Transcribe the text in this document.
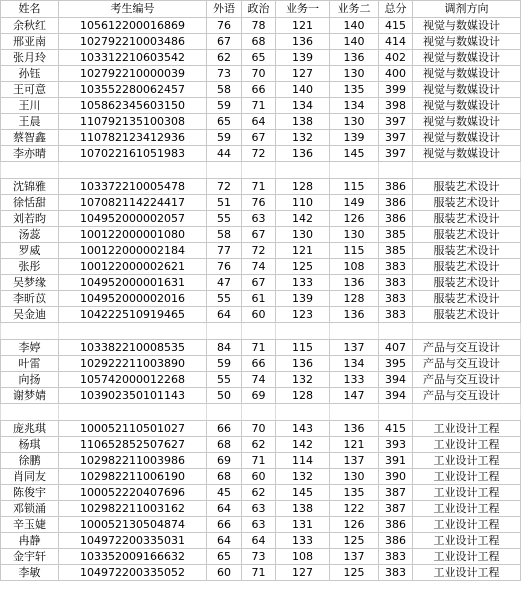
姓名	考生编号	外语	政治	业务一	业务二	总分	调剂方向
余秋红	105612200016869	76	78	121	140	415	视觉与数媒设计
邢亚南	102792210003486	67	68	136	140	414	视觉与数媒设计
张月玲	103312210603542	62	65	139	136	402	视觉与数媒设计
孙钰	102792210000039	73	70	127	130	400	视觉与数媒设计
王可意	103552280062457	58	66	140	135	399	视觉与数媒设计
王川	105862345603150	59	71	134	134	398	视觉与数媒设计
王晨	110792135100308	65	64	138	130	397	视觉与数媒设计
蔡智鑫	110782123412936	59	67	132	139	397	视觉与数媒设计
李亦晴	107022161051983	44	72	136	145	397	视觉与数媒设计

沈锦雅	103372210005478	72	71	128	115	386	服装艺术设计
徐恬甜	107082114224417	51	76	110	149	386	服装艺术设计
刘若昀	104952000002057	55	63	142	126	386	服装艺术设计
汤蕊	100122000001080	58	67	130	130	385	服装艺术设计
罗威	100122000002184	77	72	121	115	385	服装艺术设计
张彤	100122000002621	76	74	125	108	383	服装艺术设计
吴梦缘	104952000001631	47	67	133	136	383	服装艺术设计
李昕苡	104952000002016	55	61	139	128	383	服装艺术设计
吴金迪	104222510919465	64	60	123	136	383	服装艺术设计

李婷	103382210008535	84	71	115	137	407	产品与交互设计
叶雷	102922211003890	59	66	136	134	395	产品与交互设计
向扬	105742000012268	55	74	132	133	394	产品与交互设计
谢梦婧	103902350101143	50	69	128	147	394	产品与交互设计

庞兆琪	100052110501027	66	70	143	136	415	工业设计工程
杨琪	110652852507627	68	62	142	121	393	工业设计工程
徐鹏	102982211003986	69	71	114	137	391	工业设计工程
肖同友	102982211006190	68	60	132	130	390	工业设计工程
陈俊宇	100052220407696	45	62	145	135	387	工业设计工程
邓锁涌	102982211003162	64	63	138	122	387	工业设计工程
辛玉婕	100052130504874	66	63	131	126	386	工业设计工程
冉静	104972200335031	64	64	133	125	386	工业设计工程
金宇轩	103352009166632	65	73	108	137	383	工业设计工程
李敏	104972200335052	60	71	127	125	383	工业设计工程
